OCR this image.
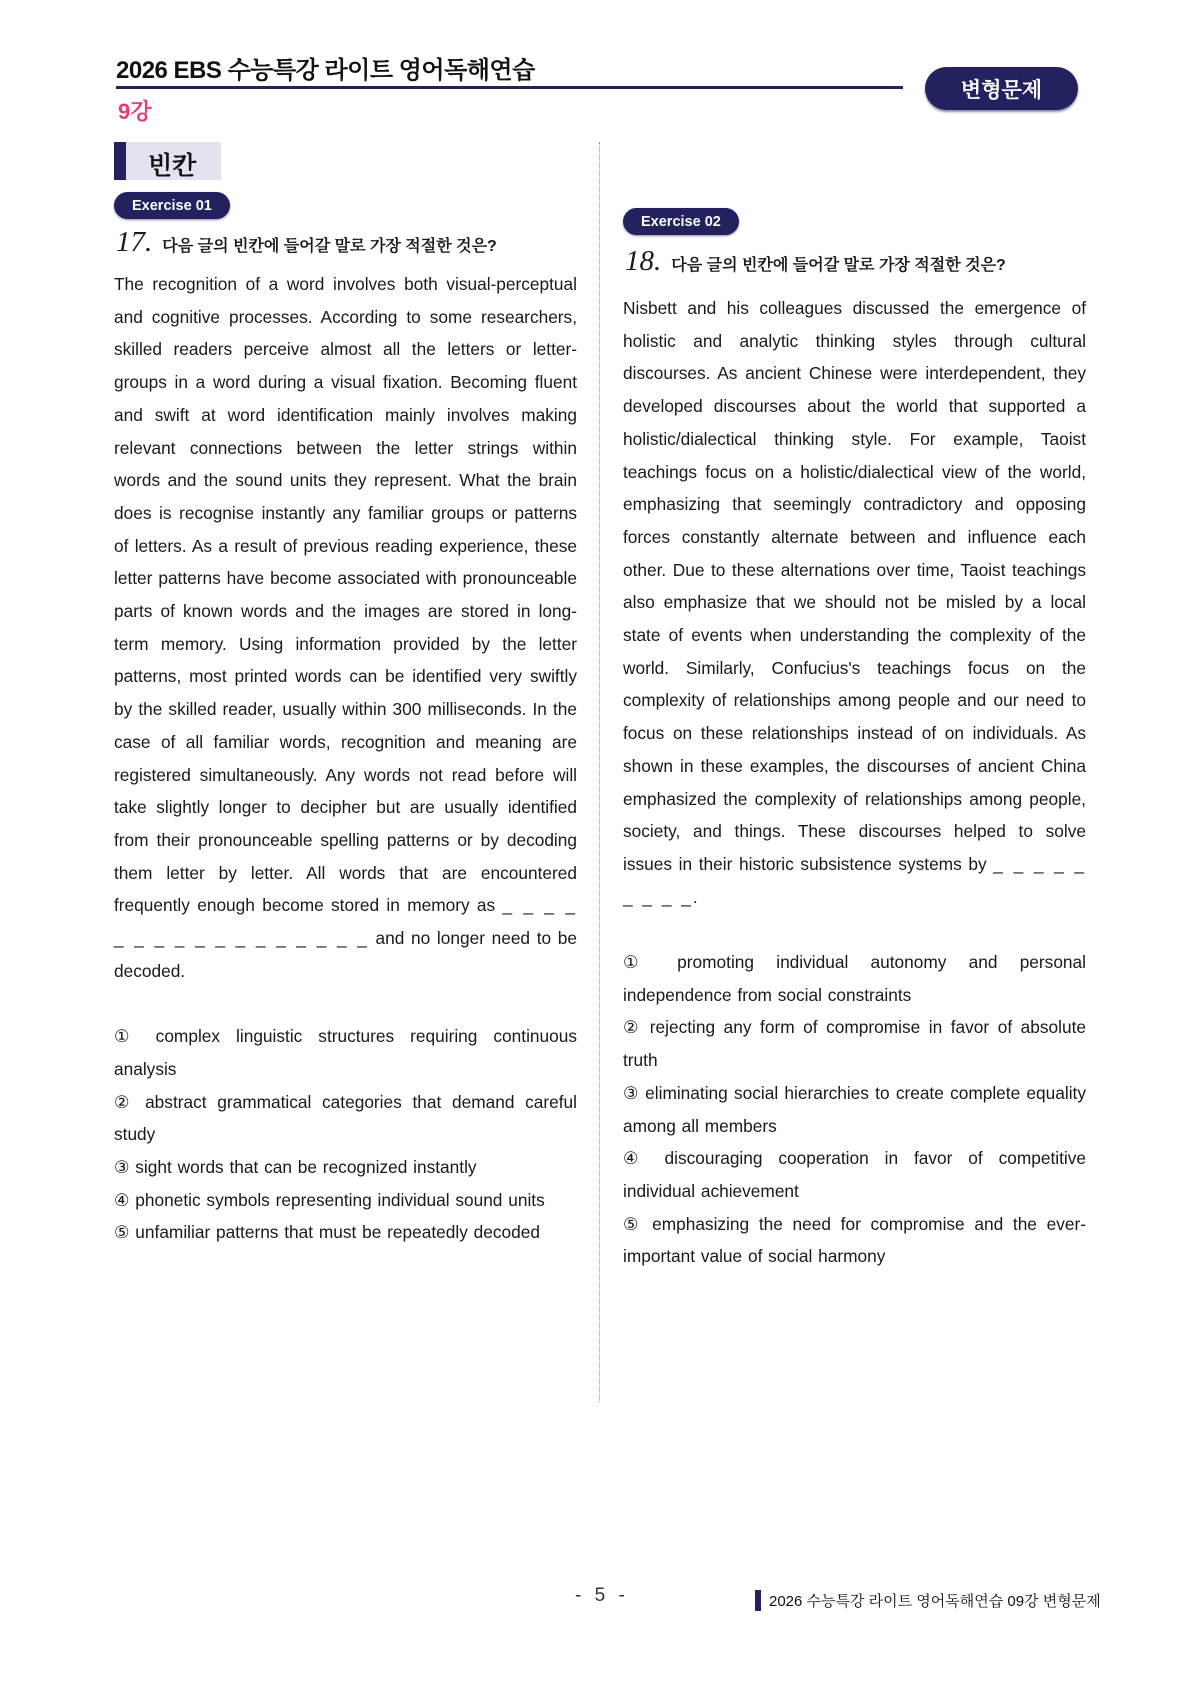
2026 EBS 수능특강 라이트 영어독해연습
9강
변형문제
빈칸
Exercise 01
17. 다음 글의 빈칸에 들어갈 말로 가장 적절한 것은?

The recognition of a word involves both visual-perceptual and cognitive processes. According to some researchers, skilled readers perceive almost all the letters or letter-groups in a word during a visual fixation. Becoming fluent and swift at word identification mainly involves making relevant connections between the letter strings within words and the sound units they represent. What the brain does is recognise instantly any familiar groups or patterns of letters. As a result of previous reading experience, these letter patterns have become associated with pronounceable parts of known words and the images are stored in long-term memory. Using information provided by the letter patterns, most printed words can be identified very swiftly by the skilled reader, usually within 300 milliseconds. In the case of all familiar words, recognition and meaning are registered simultaneously. Any words not read before will take slightly longer to decipher but are usually identified from their pronounceable spelling patterns or by decoding them letter by letter. All words that are encountered frequently enough become stored in memory as _ _ _ _ _ _ _ _ _ _ _ _ _ _ _ _ _ and no longer need to be decoded.

① complex linguistic structures requiring continuous analysis

② abstract grammatical categories that demand careful study

③ sight words that can be recognized instantly

④ phonetic symbols representing individual sound units

⑤ unfamiliar patterns that must be repeatedly decoded

Exercise 02
18. 다음 글의 빈칸에 들어갈 말로 가장 적절한 것은?

Nisbett and his colleagues discussed the emergence of holistic and analytic thinking styles through cultural discourses. As ancient Chinese were interdependent, they developed discourses about the world that supported a holistic/dialectical thinking style. For example, Taoist teachings focus on a holistic/dialectical view of the world, emphasizing that seemingly contradictory and opposing forces constantly alternate between and influence each other. Due to these alternations over time, Taoist teachings also emphasize that we should not be misled by a local state of events when understanding the complexity of the world. Similarly, Confucius's teachings focus on the complexity of relationships among people and our need to focus on these relationships instead of on individuals. As shown in these examples, the discourses of ancient China emphasized the complexity of relationships among people, society, and things. These discourses helped to solve issues in their historic subsistence systems by _ _ _ _ _ _ _ _ _.

① promoting individual autonomy and personal independence from social constraints

② rejecting any form of compromise in favor of absolute truth

③ eliminating social hierarchies to create complete equality among all members

④ discouraging cooperation in favor of competitive individual achievement

⑤ emphasizing the need for compromise and the ever-important value of social harmony

- 5 -	2026 수능특강 라이트 영어독해연습 09강 변형문제
